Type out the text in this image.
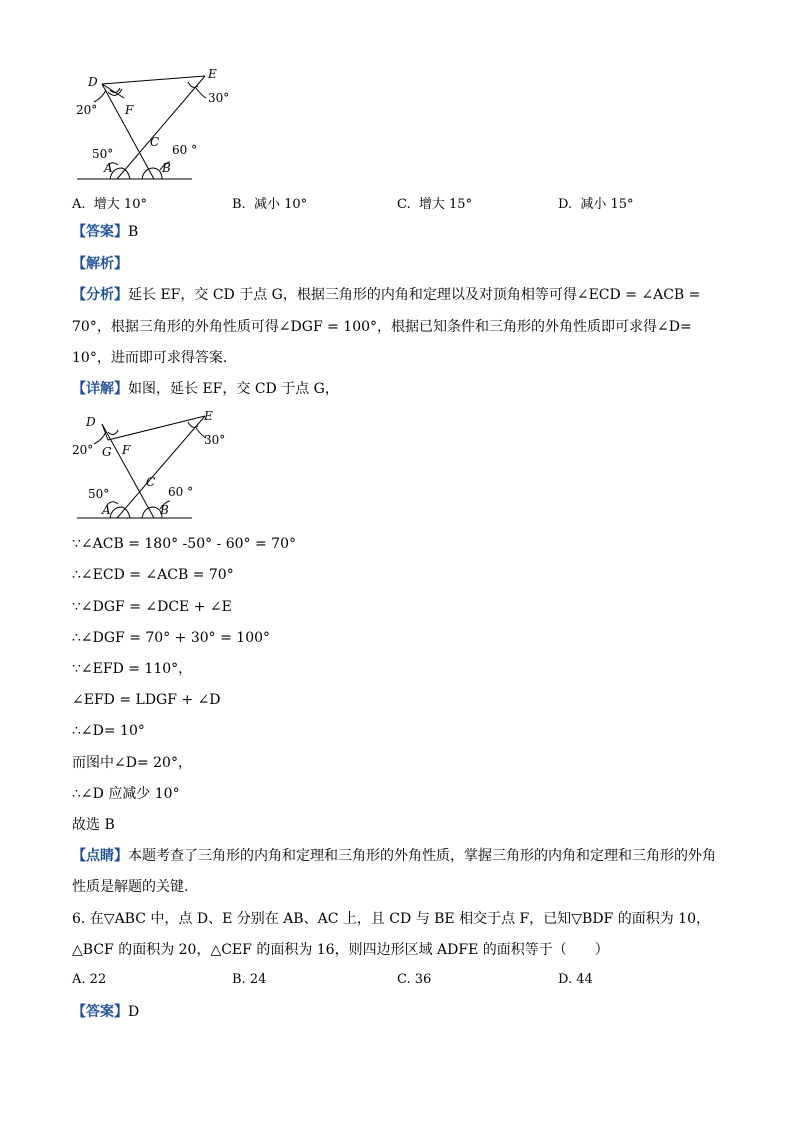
D
E
F
C
A	B
20°
30°
50°	60 °
A. 增大 10°	B. 减小 10°	C. 增大 15°	D. 减小 15°
【答案】B
【解析】
【分析】延长 EF，交 CD 于点 G，根据三角形的内角和定理以及对顶角相等可得∠ECD = ∠ACB =
70°，根据三角形的外角性质可得∠DGF = 100°，根据已知条件和三角形的外角性质即可求得∠D=
10°，进而即可求得答案.
【详解】如图，延长 EF，交 CD 于点 G，
D	E
G F
C
A	B
20°
30°
50°	60 °
∵∠ACB = 180° -50° - 60° = 70°
∴∠ECD = ∠ACB = 70°
∵∠DGF = ∠DCE + ∠E
∴∠DGF = 70° + 30° = 100°
∵∠EFD = 110°，
∠EFD = LDGF + ∠D
∴∠D= 10°
而图中∠D= 20°，
∴∠D 应减少 10°
故选 B
【点睛】本题考查了三角形的内角和定理和三角形的外角性质，掌握三角形的内角和定理和三角形的外角
性质是解题的关键.
6. 在▽ABC 中，点 D、E 分别在 AB、AC 上，且 CD 与 BE 相交于点 F，已知▽BDF 的面积为 10，
△BCF 的面积为 20，△CEF 的面积为 16，则四边形区域 ADFE 的面积等于（　　）
A. 22	B. 24	C. 36	D. 44
【答案】D
